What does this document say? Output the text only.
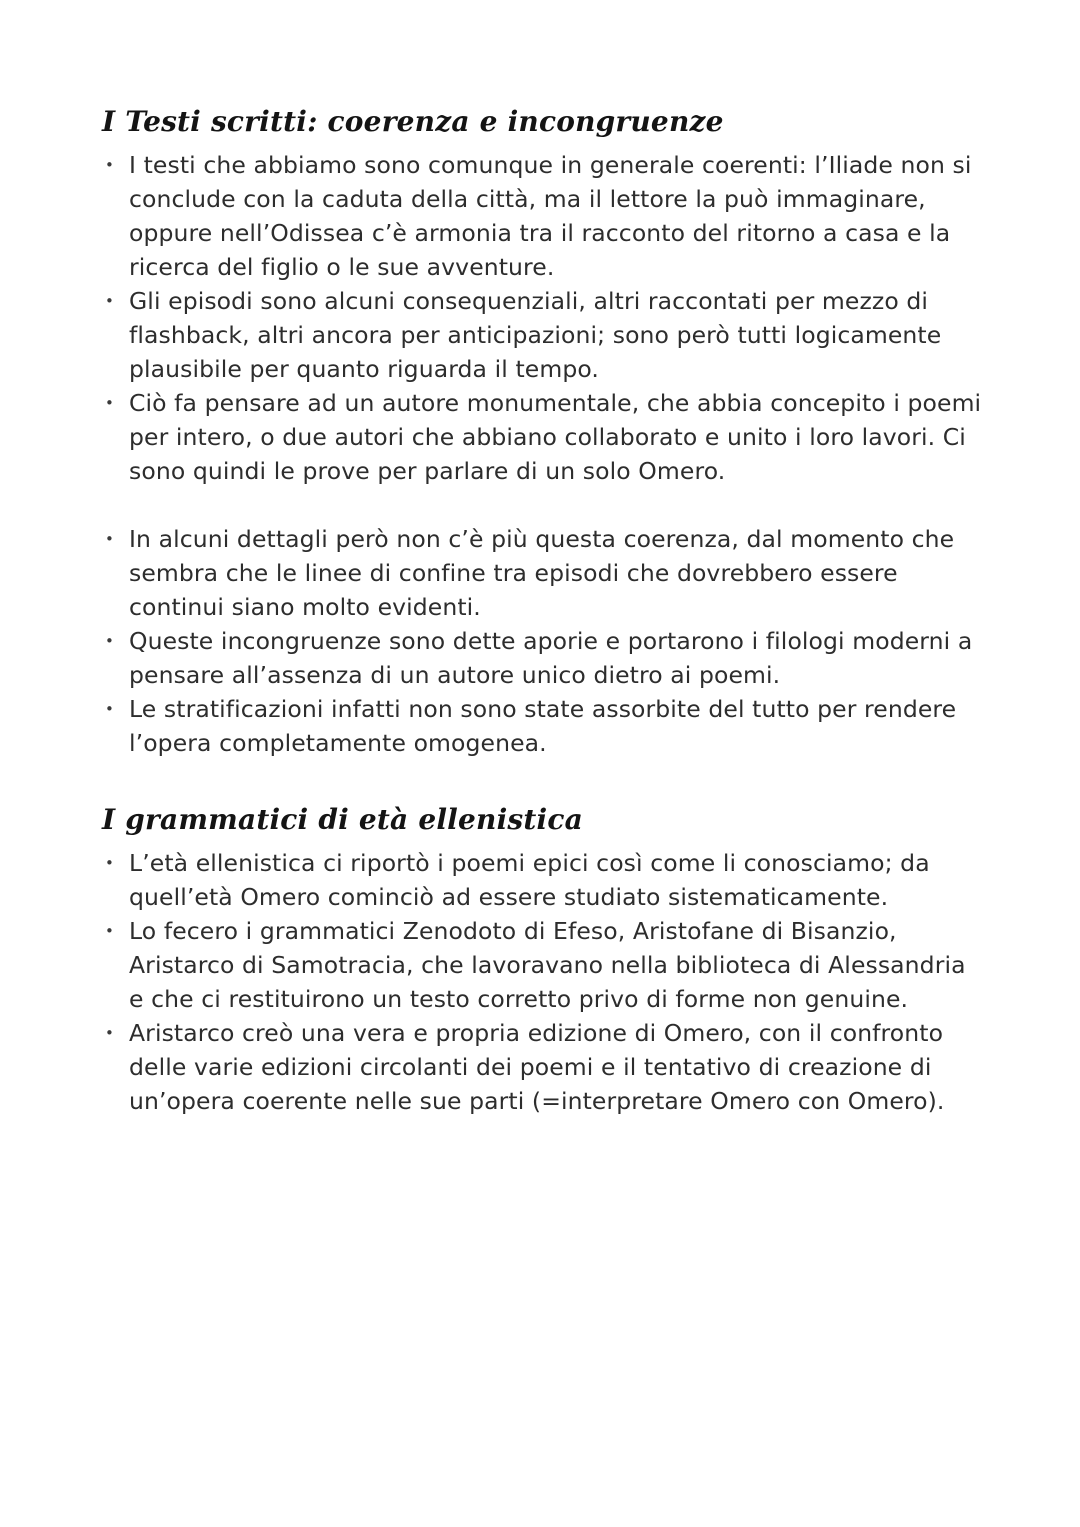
I Testi scritti: coerenza e incongruenze
• I testi che abbiamo sono comunque in generale coerenti: l’Iliade non si conclude con la caduta della città, ma il lettore la può immaginare, oppure nell’Odissea c’è armonia tra il racconto del ritorno a casa e la ricerca del figlio o le sue avventure.
• Gli episodi sono alcuni consequenziali, altri raccontati per mezzo di flashback, altri ancora per anticipazioni; sono però tutti logicamente plausibile per quanto riguarda il tempo.
• Ciò fa pensare ad un autore monumentale, che abbia concepito i poemi per intero, o due autori che abbiano collaborato e unito i loro lavori. Ci sono quindi le prove per parlare di un solo Omero.
• In alcuni dettagli però non c’è più questa coerenza, dal momento che sembra che le linee di confine tra episodi che dovrebbero essere continui siano molto evidenti.
• Queste incongruenze sono dette aporie e portarono i filologi moderni a pensare all’assenza di un autore unico dietro ai poemi.
• Le stratificazioni infatti non sono state assorbite del tutto per rendere l’opera completamente omogenea.
I grammatici di età ellenistica
• L’età ellenistica ci riportò i poemi epici così come li conosciamo; da quell’età Omero cominciò ad essere studiato sistematicamente.
• Lo fecero i grammatici Zenodoto di Efeso, Aristofane di Bisanzio, Aristarco di Samotracia, che lavoravano nella biblioteca di Alessandria e che ci restituirono un testo corretto privo di forme non genuine.
• Aristarco creò una vera e propria edizione di Omero, con il confronto delle varie edizioni circolanti dei poemi e il tentativo di creazione di un’opera coerente nelle sue parti (=interpretare Omero con Omero).
